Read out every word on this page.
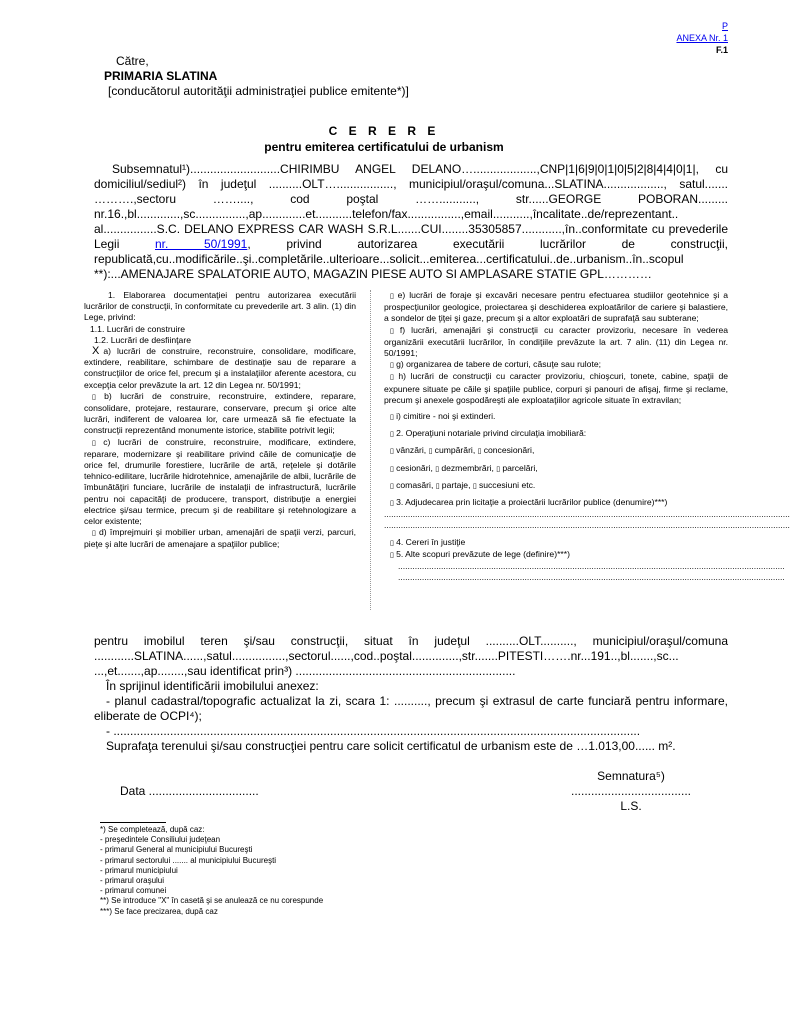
P
ANEXA Nr. 1
F.1
Către,
PRIMARIA SLATINA
[conducătorul autorităţii administraţiei publice emitente*)]
C E R E R E
pentru emiterea certificatului de urbanism

Subsemnatul¹)...........................CHIRIMBU ANGEL DELANO…...................,CNP|1|6|9|0|1|0|5|2|8|4|4|0|1|, cu domiciliul/sediul²) în judeţul ..........OLT…................., municipiul/oraşul/comuna...SLATINA.................., satul....... ……….,sectoru ……...., cod poştal ……..........., str......GEORGE POBORAN......... nr.16.,bl.............,sc...............,ap.............et...........telefon/fax................,email...........,încalitate..de/reprezentant.. al................S.C. DELANO EXPRESS CAR WASH S.R.L.......CUI........35305857............,în..conformitate cu prevederile Legii	nr. 50/1991, privind autorizarea executării lucrărilor de construcţii, republicată,cu..modificările..şi..completările..ulterioare...solicit...emiterea...certificatului..de..urbanism..în..scopul **):...AMENAJARE SPALATORIE AUTO, MAGAZIN PIESE AUTO SI AMPLASARE STATIE GPL…………

1. Elaborarea documentaţiei pentru autorizarea executării lucrărilor de construcţii, în conformitate cu prevederile art. 3 alin. (1) din Lege, privind:

1.1. Lucrări de construire

1.2. Lucrări de desfiinţare

X a) lucrări de construire, reconstruire, consolidare, modificare, extindere, reabilitare, schimbare de destinaţie sau de reparare a construcţiilor de orice fel, precum şi a instalaţiilor aferente acestora, cu excepţia celor prevăzute la art. 12 din Legea nr. 50/1991;

▯ b) lucrări de construire, reconstruire, extindere, reparare, consolidare, protejare, restaurare, conservare, precum şi orice alte lucrări, indiferent de valoarea lor, care urmează să fie efectuate la construcţii reprezentând monumente istorice, stabilite potrivit legii;

▯ c) lucrări de construire, reconstruire, modificare, extindere, reparare, modernizare şi reabilitare privind căile de comunicaţie de orice fel, drumurile forestiere, lucrările de artă, reţelele şi dotările tehnico-edilitare, lucrările hidrotehnice, amenajările de albii, lucrările de îmbunătăţiri funciare, lucrările de instalaţii de infrastructură, lucrările pentru noi capacităţi de producere, transport, distribuţie a energiei electrice şi/sau termice, precum şi de reabilitare şi retehnologizare a celor existente;

▯ d) împrejmuiri şi mobilier urban, amenajări de spaţii verzi, parcuri, pieţe şi alte lucrări de amenajare a spaţiilor publice;

▯ e) lucrări de foraje şi excavări necesare pentru efectuarea studiilor geotehnice şi a prospecţiunilor geologice, proiectarea şi deschiderea exploatărilor de cariere şi balastiere, a sondelor de ţiţei şi gaze, precum şi a altor exploatări de suprafaţă sau subterane;

▯ f) lucrări, amenajări şi construcţii cu caracter provizoriu, necesare în vederea organizării executării lucrărilor, în condiţiile prevăzute la art. 7 alin. (11) din Legea nr. 50/1991;

▯ g) organizarea de tabere de corturi, căsuţe sau rulote;

▯ h) lucrări de construcţii cu caracter provizoriu, chioşcuri, tonete, cabine, spaţii de expunere situate pe căile şi spaţiile publice, corpuri şi panouri de afişaj, firme şi reclame, precum şi anexele gospodăreşti ale exploataţiilor agricole situate în extravilan;

▯ i) cimitire - noi şi extinderi.

▯ 2. Operaţiuni notariale privind circulaţia imobiliară:

▯ vânzări, ▯ cumpărări, ▯ concesionări,

▯ cesionări, ▯ dezmembrări, ▯ parcelări,

▯ comasări, ▯ partaje, ▯ succesiuni etc.

▯ 3. Adjudecarea prin licitaţie a proiectării lucrărilor publice (denumire)***)

..........................................................................................................................................................................

..........................................................................................................................................................................

▯ 4. Cereri în justiţie

▯ 5. Alte scopuri prevăzute de lege (definire)***)

..................................................................................................................................................................

..................................................................................................................................................................

pentru imobilul teren şi/sau construcţii, situat în judeţul ..........OLT.........., municipiul/oraşul/comuna ............SLATINA......,satul................,sectorul......,cod..poştal..............,str.......PITESTI…….nr...191..,bl.......,sc... ...,et.......,ap........,sau identificat prin³) ..................................................................

În sprijinul identificării imobilului anexez:

- planul cadastral/topografic actualizat la zi, scara 1: .........., precum şi extrasul de carte funciară pentru informare, eliberate de OCPI⁴);

- ..............................................................................................................................................................

Suprafaţa terenului şi/sau construcţiei pentru care solicit certificatul de urbanism este de …1.013,00...... m².

Data .................................
Semnatura⁵)
....................................
L.S.
*) Se completează, după caz:
- preşedintele Consiliului judeţean
- primarul General al municipiului Bucureşti
- primarul sectorului ....... al municipiului Bucureşti
- primarul municipiului
- primarul oraşului
- primarul comunei
**) Se introduce "X" în casetă şi se anulează ce nu corespunde
***) Se face precizarea, după caz
